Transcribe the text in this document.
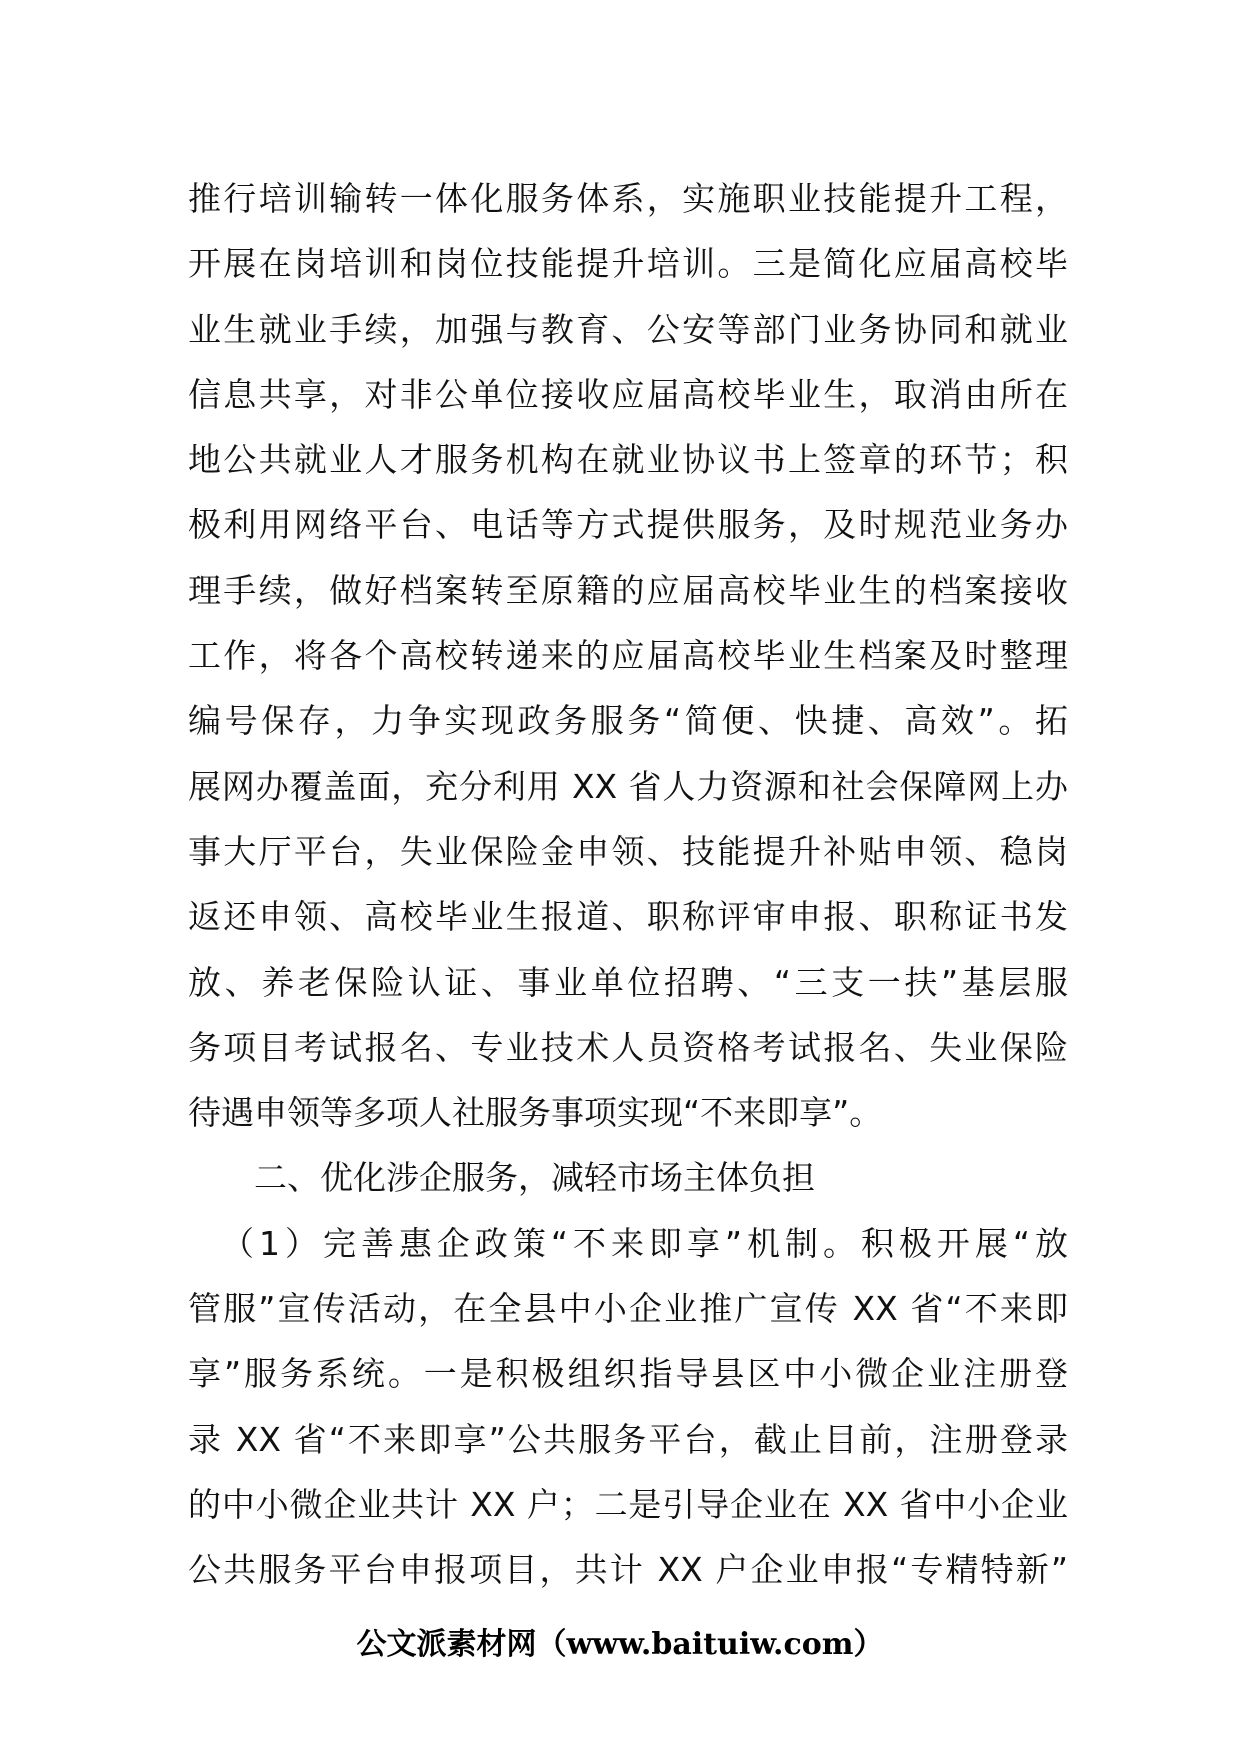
推行培训输转一体化服务体系，实施职业技能提升工程，
开展在岗培训和岗位技能提升培训。三是简化应届高校毕
业生就业手续，加强与教育、公安等部门业务协同和就业
信息共享，对非公单位接收应届高校毕业生，取消由所在
地公共就业人才服务机构在就业协议书上签章的环节；积
极利用网络平台、电话等方式提供服务，及时规范业务办
理手续，做好档案转至原籍的应届高校毕业生的档案接收
工作，将各个高校转递来的应届高校毕业生档案及时整理
编号保存，力争实现政务服务“简便、快捷、高效”。拓
展网办覆盖面，充分利用 XX 省人力资源和社会保障网上办
事大厅平台，失业保险金申领、技能提升补贴申领、稳岗
返还申领、高校毕业生报道、职称评审申报、职称证书发
放、养老保险认证、事业单位招聘、“三支一扶”基层服
务项目考试报名、专业技术人员资格考试报名、失业保险
待遇申领等多项人社服务事项实现“不来即享”。
二、优化涉企服务，减轻市场主体负担
（1）完善惠企政策“不来即享”机制。积极开展“放
管服”宣传活动，在全县中小企业推广宣传 XX 省“不来即
享”服务系统。一是积极组织指导县区中小微企业注册登
录 XX 省“不来即享”公共服务平台，截止目前，注册登录
的中小微企业共计 XX 户；二是引导企业在 XX 省中小企业
公共服务平台申报项目，共计 XX 户企业申报“专精特新”
公文派素材网（www.baituiw.com）
